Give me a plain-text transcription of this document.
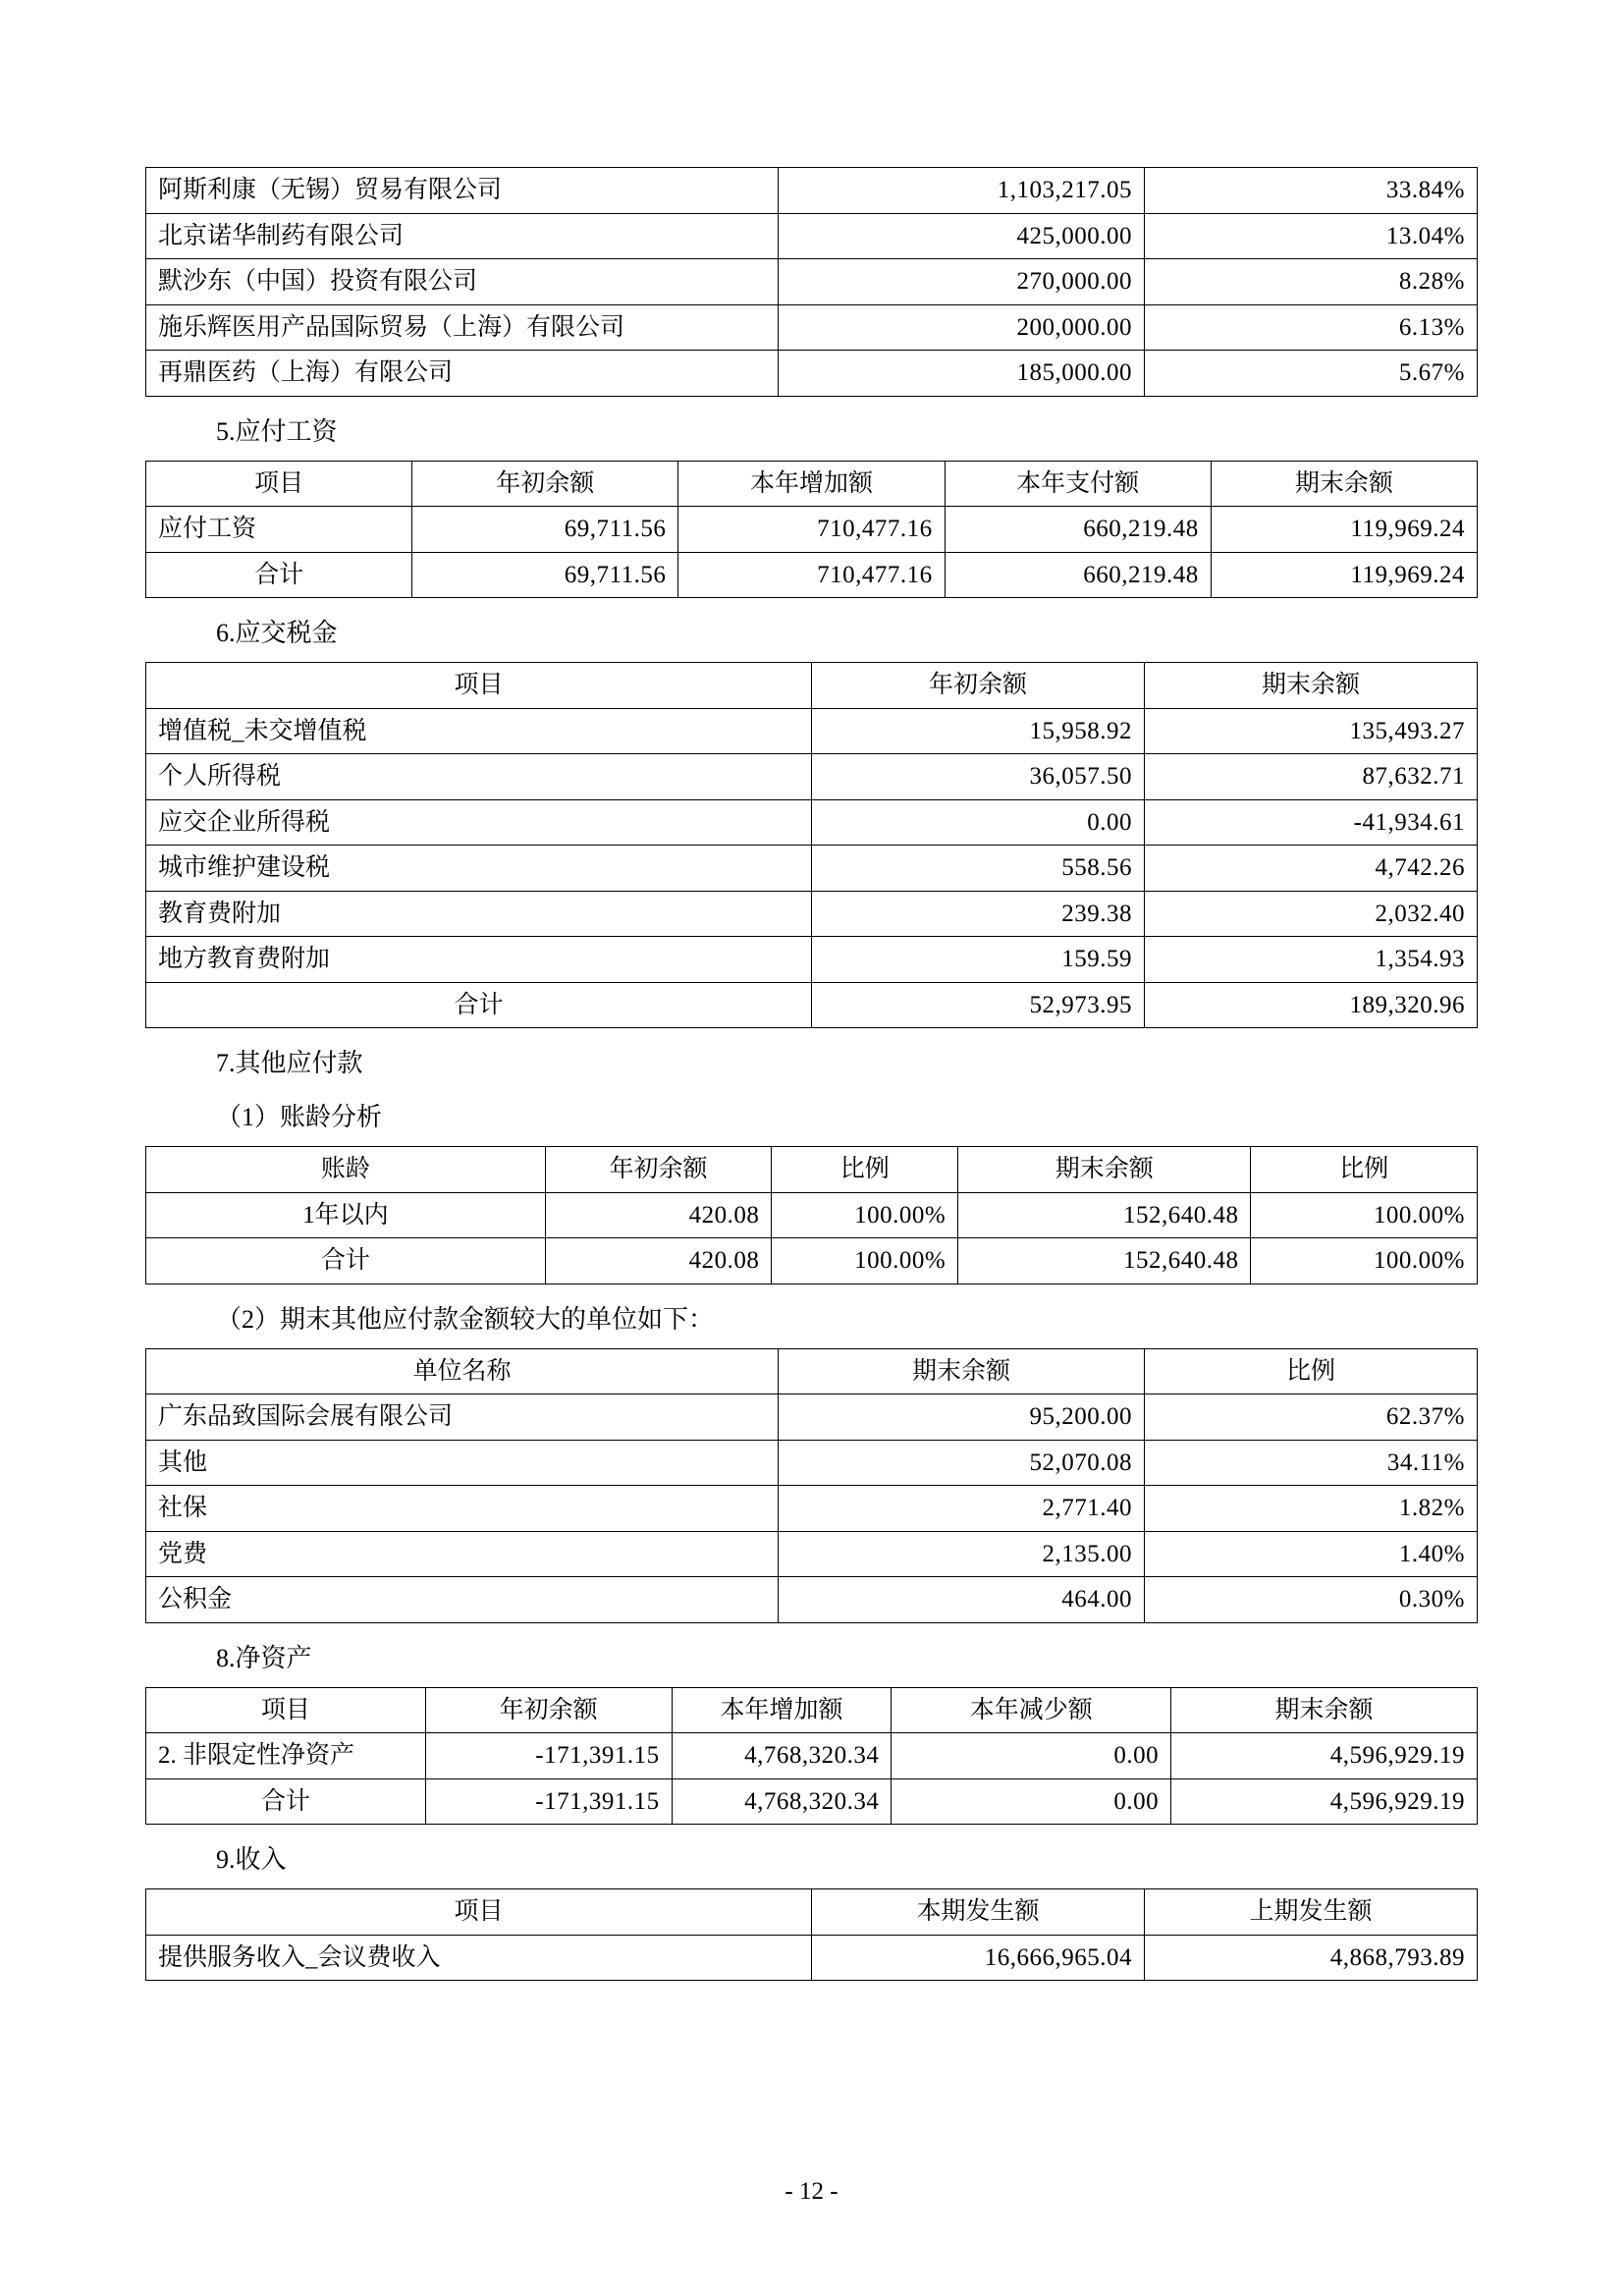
阿斯利康（无锡）贸易有限公司	1,103,217.05	33.84%
北京诺华制药有限公司	425,000.00	13.04%
默沙东（中国）投资有限公司	270,000.00	8.28%
施乐辉医用产品国际贸易（上海）有限公司	200,000.00	6.13%
再鼎医药（上海）有限公司	185,000.00	5.67%
5.应付工资
项目	年初余额	本年增加额	本年支付额	期末余额
应付工资	69,711.56	710,477.16	660,219.48	119,969.24
合计	69,711.56	710,477.16	660,219.48	119,969.24
6.应交税金
项目	年初余额	期末余额
增值税_未交增值税	15,958.92	135,493.27
个人所得税	36,057.50	87,632.71
应交企业所得税	0.00	-41,934.61
城市维护建设税	558.56	4,742.26
教育费附加	239.38	2,032.40
地方教育费附加	159.59	1,354.93
合计	52,973.95	189,320.96
7.其他应付款
（1）账龄分析
账龄	年初余额	比例	期末余额	比例
1年以内	420.08	100.00%	152,640.48	100.00%
合计	420.08	100.00%	152,640.48	100.00%
（2）期末其他应付款金额较大的单位如下：
单位名称	期末余额	比例
广东品致国际会展有限公司	95,200.00	62.37%
其他	52,070.08	34.11%
社保	2,771.40	1.82%
党费	2,135.00	1.40%
公积金	464.00	0.30%
8.净资产
项目	年初余额	本年增加额	本年减少额	期末余额
2. 非限定性净资产	-171,391.15	4,768,320.34	0.00	4,596,929.19
合计	-171,391.15	4,768,320.34	0.00	4,596,929.19
9.收入
项目	本期发生额	上期发生额
提供服务收入_会议费收入	16,666,965.04	4,868,793.89
- 12 -
